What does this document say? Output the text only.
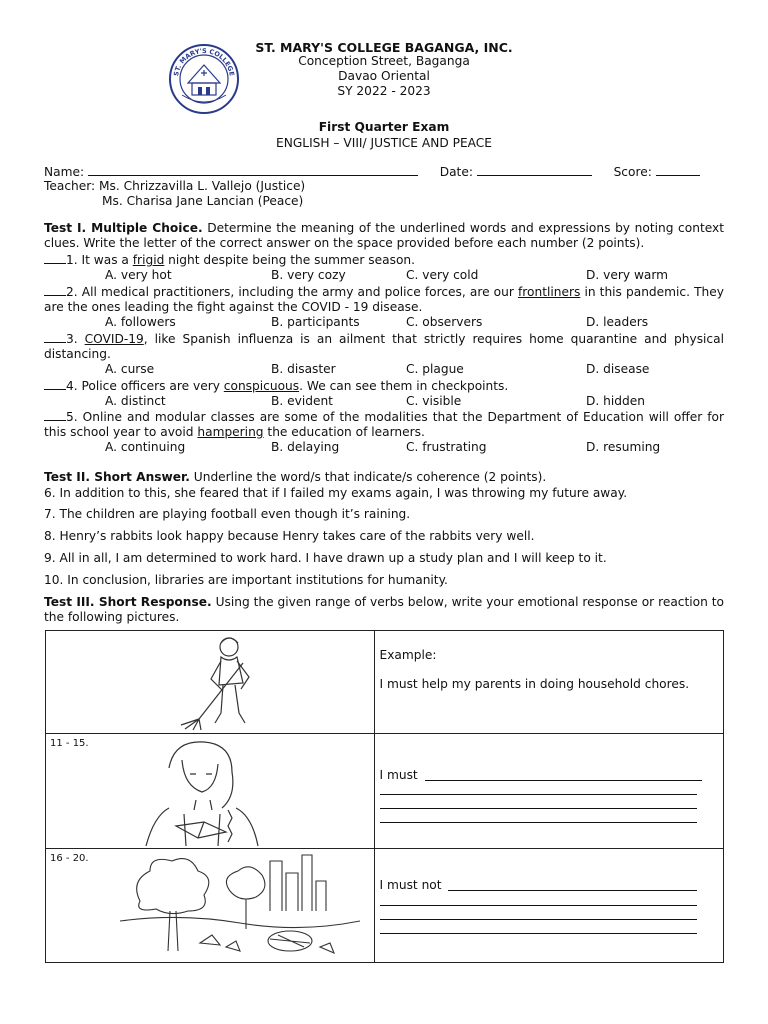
ST. MARY'S COLLEGE
ST. MARY'S COLLEGE BAGANGA, INC.
Conception Street, Baganga
Davao Oriental
SY 2022 - 2023
First Quarter Exam
ENGLISH – VIII/ JUSTICE AND PEACE
Name:	Date:	Score:
Teacher: Ms. Chrizzavilla L. Vallejo (Justice)
Ms. Charisa Jane Lancian (Peace)
Test I. Multiple Choice. Determine the meaning of the underlined words and expressions by noting context clues. Write the letter of the correct answer on the space provided before each number (2 points).
1. It was a frigid night despite being the summer season.
A. very hot	B. very cozy	C. very cold	D. very warm
2. All medical practitioners, including the army and police forces, are our frontliners in this pandemic. They are the ones leading the fight against the COVID - 19 disease.
A. followers	B. participants	C. observers	D. leaders
3. COVID-19, like Spanish influenza is an ailment that strictly requires home quarantine and physical distancing.
A. curse	B. disaster	C. plague	D. disease
4. Police officers are very conspicuous. We can see them in checkpoints.
A. distinct	B. evident	C. visible	D. hidden
5. Online and modular classes are some of the modalities that the Department of Education will offer for this school year to avoid hampering the education of learners.
A. continuing	B. delaying	C. frustrating	D. resuming
Test II. Short Answer. Underline the word/s that indicate/s coherence (2 points).
6. In addition to this, she feared that if I failed my exams again, I was throwing my future away.
7. The children are playing football even though it’s raining.
8. Henry’s rabbits look happy because Henry takes care of the rabbits very well.
9. All in all, I am determined to work hard. I have drawn up a study plan and I will keep to it.
10. In conclusion, libraries are important institutions for humanity.
Test III. Short Response. Using the given range of verbs below, write your emotional response or reaction to the following pictures.

Example:
I must help my parents in doing household chores.

11 - 15.	I must

16 - 20.	I must not
